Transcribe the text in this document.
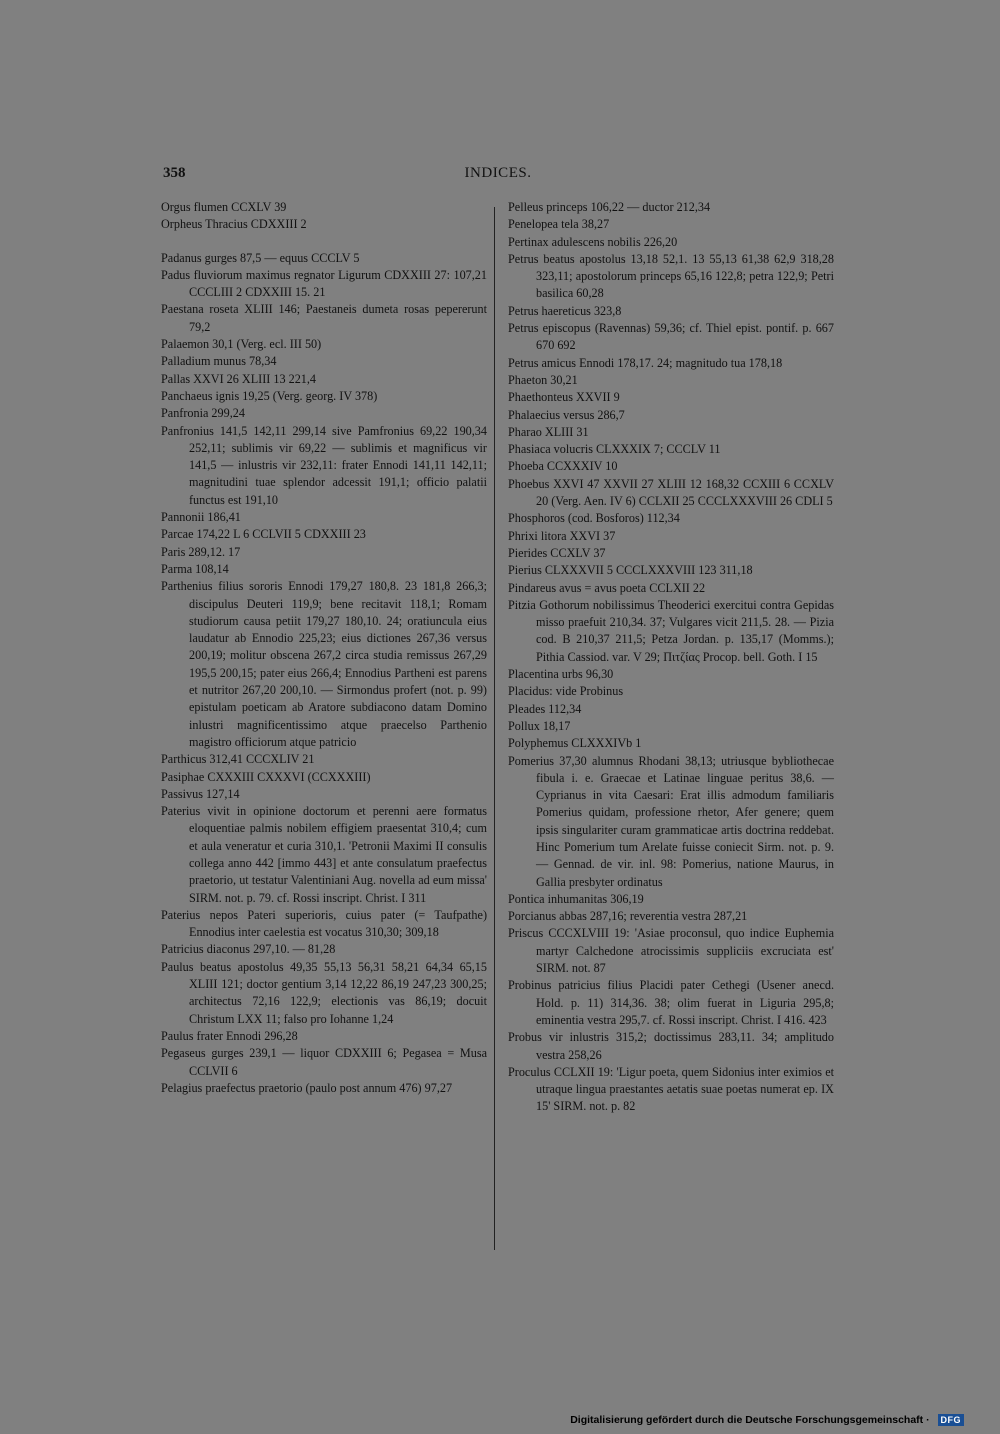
358	INDICES.

Orgus flumen CCXLV 39

Orpheus Thracius CDXXIII 2

Padanus gurges 87,5 — equus CCCLV 5

Padus fluviorum maximus regnator Ligurum CDXXIII 27: 107,21 CCCLIII 2 CDXXIII 15. 21

Paestana roseta XLIII 146; Paestaneis dumeta rosas pepererunt 79,2

Palaemon 30,1 (Verg. ecl. III 50)

Palladium munus 78,34

Pallas XXVI 26 XLIII 13 221,4

Panchaeus ignis 19,25 (Verg. georg. IV 378)

Panfronia 299,24

Panfronius 141,5 142,11 299,14 sive Pamfronius 69,22 190,34 252,11; sublimis vir 69,22 — sublimis et magnificus vir 141,5 — inlustris vir 232,11: frater Ennodi 141,11 142,11; magnitudini tuae splendor adcessit 191,1; officio palatii functus est 191,10

Pannonii 186,41

Parcae 174,22 L 6 CCLVII 5 CDXXIII 23

Paris 289,12. 17

Parma 108,14

Parthenius filius sororis Ennodi 179,27 180,8. 23 181,8 266,3; discipulus Deuteri 119,9; bene recitavit 118,1; Romam studiorum causa petiit 179,27 180,10. 24; oratiuncula eius laudatur ab Ennodio 225,23; eius dictiones 267,36 versus 200,19; molitur obscena 267,2 circa studia remissus 267,29 195,5 200,15; pater eius 266,4; Ennodius Partheni est parens et nutritor 267,20 200,10. — Sirmondus profert (not. p. 99) epistulam poeticam ab Aratore subdiacono datam Domino inlustri magnificentissimo atque praecelso Parthenio magistro officiorum atque patricio

Parthicus 312,41 CCCXLIV 21

Pasiphae CXXXIII CXXXVI (CCXXXIII)

Passivus 127,14

Paterius vivit in opinione doctorum et perenni aere formatus eloquentiae palmis nobilem effigiem praesentat 310,4; cum et aula veneratur et curia 310,1. 'Petronii Maximi II consulis collega anno 442 [immo 443] et ante consulatum praefectus praetorio, ut testatur Valentiniani Aug. novella ad eum missa' SIRM. not. p. 79. cf. Rossi inscript. Christ. I 311

Paterius nepos Pateri superioris, cuius pater (= Taufpathe) Ennodius inter caelestia est vocatus 310,30; 309,18

Patricius diaconus 297,10. — 81,28

Paulus beatus apostolus 49,35 55,13 56,31 58,21 64,34 65,15 XLIII 121; doctor gentium 3,14 12,22 86,19 247,23 300,25; architectus 72,16 122,9; electionis vas 86,19; docuit Christum LXX 11; falso pro Iohanne 1,24

Paulus frater Ennodi 296,28

Pegaseus gurges 239,1 — liquor CDXXIII 6; Pegasea = Musa CCLVII 6

Pelagius praefectus praetorio (paulo post annum 476) 97,27

Pelleus princeps 106,22 — ductor 212,34

Penelopea tela 38,27

Pertinax adulescens nobilis 226,20

Petrus beatus apostolus 13,18 52,1. 13 55,13 61,38 62,9 318,28 323,11; apostolorum princeps 65,16 122,8; petra 122,9; Petri basilica 60,28

Petrus haereticus 323,8

Petrus episcopus (Ravennas) 59,36; cf. Thiel epist. pontif. p. 667 670 692

Petrus amicus Ennodi 178,17. 24; magnitudo tua 178,18

Phaeton 30,21

Phaethonteus XXVII 9

Phalaecius versus 286,7

Pharao XLIII 31

Phasiaca volucris CLXXXIX 7; CCCLV 11

Phoeba CCXXXIV 10

Phoebus XXVI 47 XXVII 27 XLIII 12 168,32 CCXIII 6 CCXLV 20 (Verg. Aen. IV 6) CCLXII 25 CCCLXXXVIII 26 CDLI 5

Phosphoros (cod. Bosforos) 112,34

Phrixi litora XXVI 37

Pierides CCXLV 37

Pierius CLXXXVII 5 CCCLXXXVIII 123 311,18

Pindareus avus = avus poeta CCLXII 22

Pitzia Gothorum nobilissimus Theoderici exercitui contra Gepidas misso praefuit 210,34. 37; Vulgares vicit 211,5. 28. — Pizia cod. B 210,37 211,5; Petza Jordan. p. 135,17 (Momms.); Pithia Cassiod. var. V 29; Πιτζίας Procop. bell. Goth. I 15

Placentina urbs 96,30

Placidus: vide Probinus

Pleades 112,34

Pollux 18,17

Polyphemus CLXXXIVb 1

Pomerius 37,30 alumnus Rhodani 38,13; utriusque bybliothecae fibula i. e. Graecae et Latinae linguae peritus 38,6. — Cyprianus in vita Caesari: Erat illis admodum familiaris Pomerius quidam, professione rhetor, Afer genere; quem ipsis singulariter curam grammaticae artis doctrina reddebat. Hinc Pomerium tum Arelate fuisse coniecit Sirm. not. p. 9. — Gennad. de vir. inl. 98: Pomerius, natione Maurus, in Gallia presbyter ordinatus

Pontica inhumanitas 306,19

Porcianus abbas 287,16; reverentia vestra 287,21

Priscus CCCXLVIII 19: 'Asiae proconsul, quo indice Euphemia martyr Calchedone atrocissimis suppliciis excruciata est' SIRM. not. 87

Probinus patricius filius Placidi pater Cethegi (Usener anecd. Hold. p. 11) 314,36. 38; olim fuerat in Liguria 295,8; eminentia vestra 295,7. cf. Rossi inscript. Christ. I 416. 423

Probus vir inlustris 315,2; doctissimus 283,11. 34; amplitudo vestra 258,26

Proculus CCLXII 19: 'Ligur poeta, quem Sidonius inter eximios et utraque lingua praestantes aetatis suae poetas numerat ep. IX 15' SIRM. not. p. 82

Digitalisierung gefördert durch die Deutsche Forschungsgemeinschaft · DFG
